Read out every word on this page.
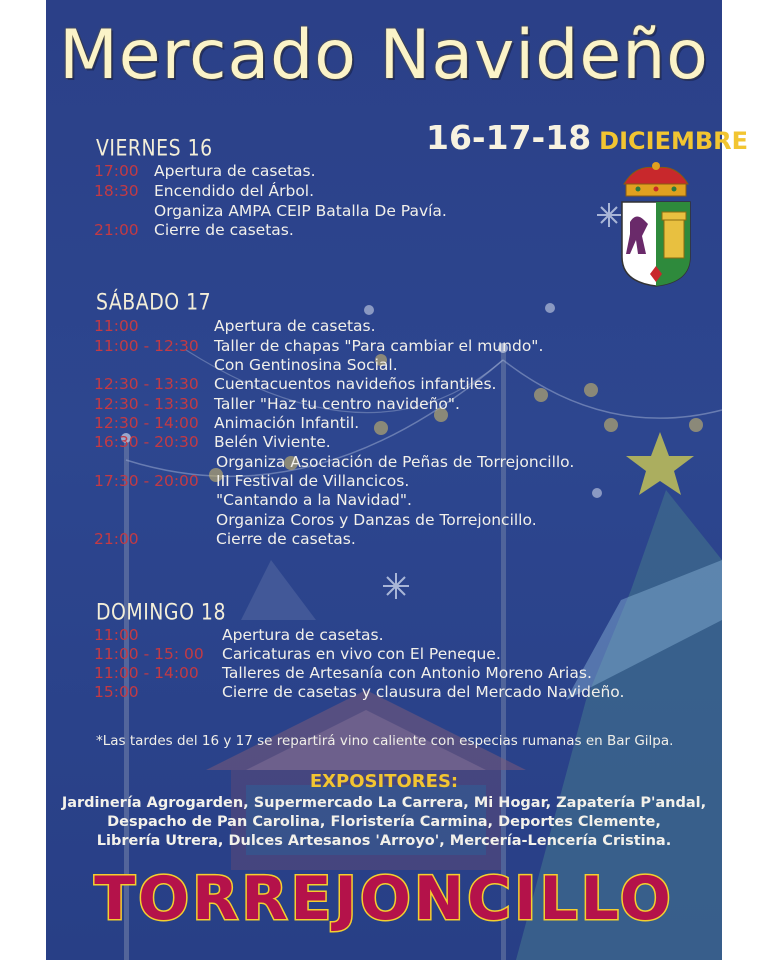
Mercado Navideño
16-17-18 DICIEMBRE
VIERNES 16
17:00 Apertura de casetas.
18:30 Encendido del Árbol.
Organiza AMPA CEIP Batalla De Pavía.
21:00 Cierre de casetas.
SÁBADO 17
11:00	Apertura de casetas.
11:00 - 12:30 Taller de chapas "Para cambiar el mundo".
Con Gentinosina Social.
12:30 - 13:30 Cuentacuentos navideños infantiles.
12:30 - 13:30 Taller "Haz tu centro navideño".
12:30 - 14:00 Animación Infantil.
16:30 - 20:30 Belén Viviente.
Organiza Asociación de Peñas de Torrejoncillo.
17:30 - 20:00 III Festival de Villancicos.
"Cantando a la Navidad".
Organiza Coros y Danzas de Torrejoncillo.
21:00	Cierre de casetas.
DOMINGO 18
11:00	Apertura de casetas.
11:00 - 15: 00 Caricaturas en vivo con El Peneque.
11:00 - 14:00 Talleres de Artesanía con Antonio Moreno Arias.
15:00	Cierre de casetas y clausura del Mercado Navideño.
*Las tardes del 16 y 17 se repartirá vino caliente con especias rumanas en Bar Gilpa.
EXPOSITORES:
Jardinería Agrogarden, Supermercado La Carrera, Mi Hogar, Zapatería P'andal,
Despacho de Pan Carolina, Floristería Carmina, Deportes Clemente,
Librería Utrera, Dulces Artesanos 'Arroyo', Mercería-Lencería Cristina.
TORREJONCILLO
